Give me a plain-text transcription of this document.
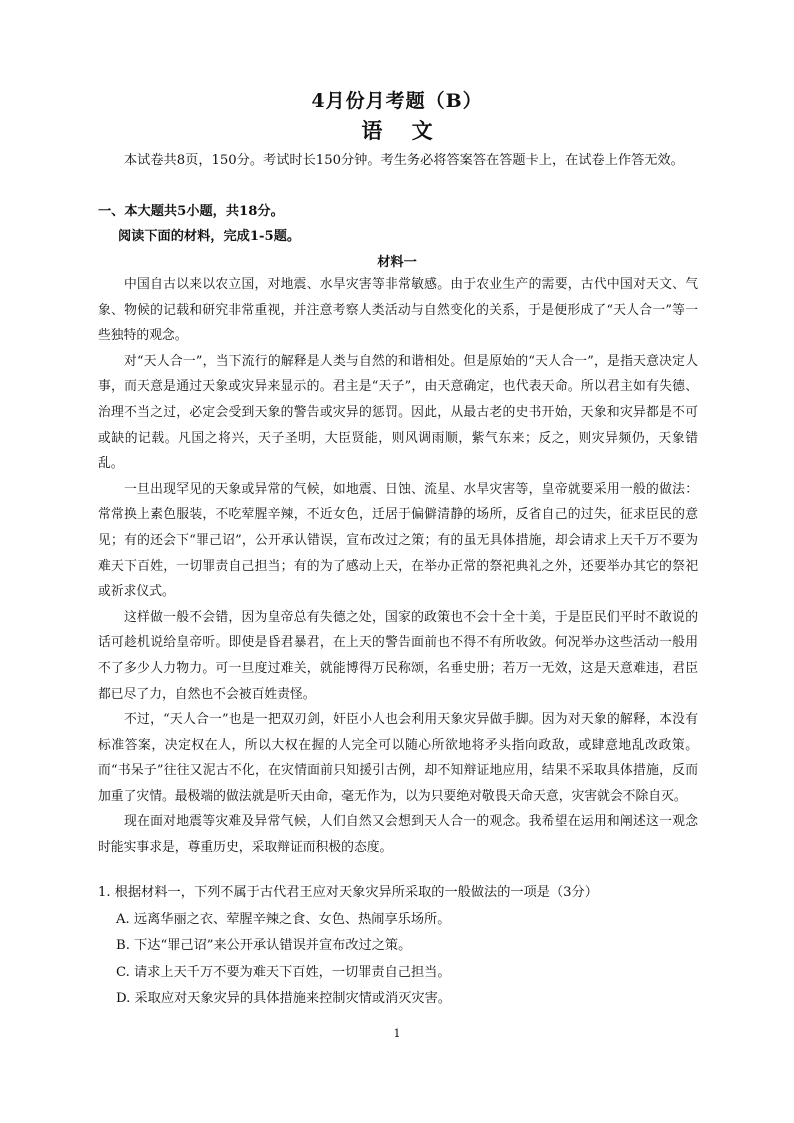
4月份月考题（B）
语 文
本试卷共8页，150分。考试时长150分钟。考生务必将答案答在答题卡上，在试卷上作答无效。
一、本大题共5小题，共18分。
阅读下面的材料，完成1-5题。
材料一

中国自古以来以农立国，对地震、水旱灾害等非常敏感。由于农业生产的需要，古代中国对天文、气象、物候的记载和研究非常重视，并注意考察人类活动与自然变化的关系，于是便形成了“天人合一”等一些独特的观念。

对“天人合一”，当下流行的解释是人类与自然的和谐相处。但是原始的“天人合一”，是指天意决定人事，而天意是通过天象或灾异来显示的。君主是“天子”，由天意确定，也代表天命。所以君主如有失德、治理不当之过，必定会受到天象的警告或灾异的惩罚。因此，从最古老的史书开始，天象和灾异都是不可或缺的记载。凡国之将兴，天子圣明，大臣贤能，则风调雨顺，紫气东来；反之，则灾异频仍，天象错乱。

一旦出现罕见的天象或异常的气候，如地震、日蚀、流星、水旱灾害等，皇帝就要采用一般的做法：常常换上素色服装，不吃荤腥辛辣，不近女色，迁居于偏僻清静的场所，反省自己的过失，征求臣民的意见；有的还会下“罪己诏”，公开承认错误，宣布改过之策；有的虽无具体措施，却会请求上天千万不要为难天下百姓，一切罪责自己担当；有的为了感动上天，在举办正常的祭祀典礼之外，还要举办其它的祭祀或祈求仪式。

这样做一般不会错，因为皇帝总有失德之处，国家的政策也不会十全十美，于是臣民们平时不敢说的话可趁机说给皇帝听。即使是昏君暴君，在上天的警告面前也不得不有所收敛。何况举办这些活动一般用不了多少人力物力。可一旦度过难关，就能博得万民称颂，名垂史册；若万一无效，这是天意难违，君臣都已尽了力，自然也不会被百姓责怪。

不过，“天人合一”也是一把双刃剑，奸臣小人也会利用天象灾异做手脚。因为对天象的解释，本没有标准答案，决定权在人，所以大权在握的人完全可以随心所欲地将矛头指向政敌，或肆意地乱改政策。而“书呆子”往往又泥古不化，在灾情面前只知援引古例，却不知辩证地应用，结果不采取具体措施，反而加重了灾情。最极端的做法就是听天由命，毫无作为，以为只要绝对敬畏天命天意，灾害就会不除自灭。

现在面对地震等灾难及异常气候，人们自然又会想到天人合一的观念。我希望在运用和阐述这一观念时能实事求是，尊重历史，采取辩证而积极的态度。

1. 根据材料一，下列不属于古代君王应对天象灾异所采取的一般做法的一项是（3分）

A. 远离华丽之衣、荤腥辛辣之食、女色、热闹享乐场所。

B. 下达“罪己诏”来公开承认错误并宣布改过之策。

C. 请求上天千万不要为难天下百姓，一切罪责自己担当。

D. 采取应对天象灾异的具体措施来控制灾情或消灭灾害。

1
